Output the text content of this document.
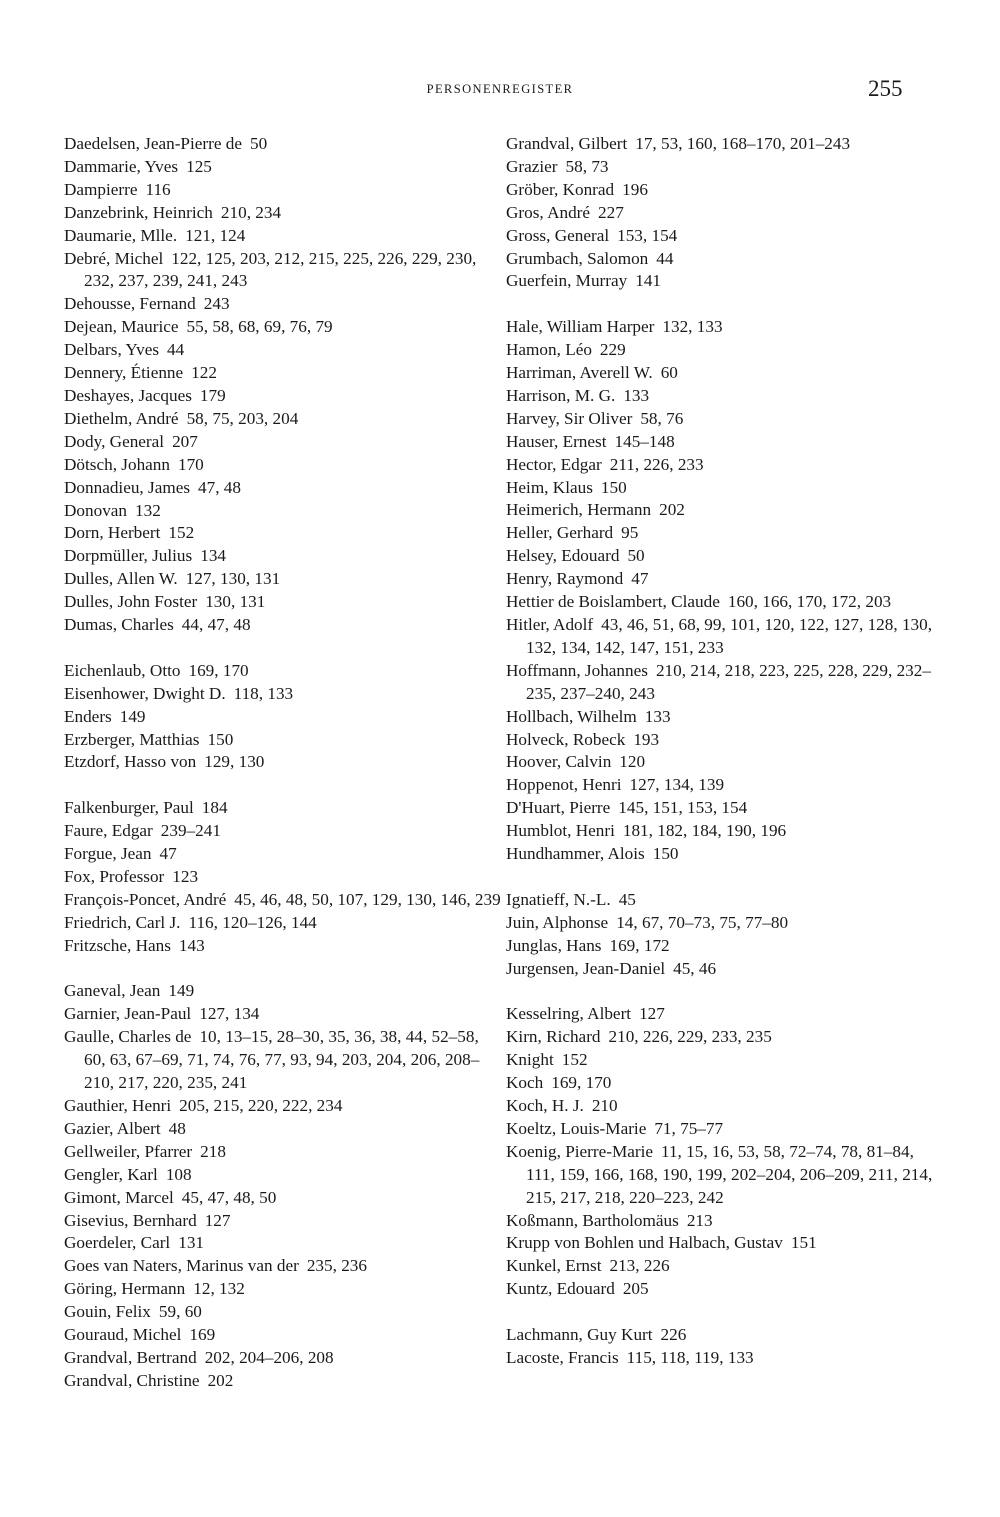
PERSONENREGISTER	255
Daedelsen, Jean-Pierre de 50
Dammarie, Yves 125
Dampierre 116
Danzebrink, Heinrich 210, 234
Daumarie, Mlle. 121, 124
Debré, Michel 122, 125, 203, 212, 215, 225, 226, 229, 230, 232, 237, 239, 241, 243
Dehousse, Fernand 243
Dejean, Maurice 55, 58, 68, 69, 76, 79
Delbars, Yves 44
Dennery, Étienne 122
Deshayes, Jacques 179
Diethelm, André 58, 75, 203, 204
Dody, General 207
Dötsch, Johann 170
Donnadieu, James 47, 48
Donovan 132
Dorn, Herbert 152
Dorpmüller, Julius 134
Dulles, Allen W. 127, 130, 131
Dulles, John Foster 130, 131
Dumas, Charles 44, 47, 48
Eichenlaub, Otto 169, 170
Eisenhower, Dwight D. 118, 133
Enders 149
Erzberger, Matthias 150
Etzdorf, Hasso von 129, 130
Falkenburger, Paul 184
Faure, Edgar 239–241
Forgue, Jean 47
Fox, Professor 123
François-Poncet, André 45, 46, 48, 50, 107, 129, 130, 146, 239
Friedrich, Carl J. 116, 120–126, 144
Fritzsche, Hans 143
Ganeval, Jean 149
Garnier, Jean-Paul 127, 134
Gaulle, Charles de 10, 13–15, 28–30, 35, 36, 38, 44, 52–58, 60, 63, 67–69, 71, 74, 76, 77, 93, 94, 203, 204, 206, 208–210, 217, 220, 235, 241
Gauthier, Henri 205, 215, 220, 222, 234
Gazier, Albert 48
Gellweiler, Pfarrer 218
Gengler, Karl 108
Gimont, Marcel 45, 47, 48, 50
Gisevius, Bernhard 127
Goerdeler, Carl 131
Goes van Naters, Marinus van der 235, 236
Göring, Hermann 12, 132
Gouin, Felix 59, 60
Gouraud, Michel 169
Grandval, Bertrand 202, 204–206, 208
Grandval, Christine 202
Grandval, Gilbert 17, 53, 160, 168–170, 201–243
Grazier 58, 73
Gröber, Konrad 196
Gros, André 227
Gross, General 153, 154
Grumbach, Salomon 44
Guerfein, Murray 141
Hale, William Harper 132, 133
Hamon, Léo 229
Harriman, Averell W. 60
Harrison, M. G. 133
Harvey, Sir Oliver 58, 76
Hauser, Ernest 145–148
Hector, Edgar 211, 226, 233
Heim, Klaus 150
Heimerich, Hermann 202
Heller, Gerhard 95
Helsey, Edouard 50
Henry, Raymond 47
Hettier de Boislambert, Claude 160, 166, 170, 172, 203
Hitler, Adolf 43, 46, 51, 68, 99, 101, 120, 122, 127, 128, 130, 132, 134, 142, 147, 151, 233
Hoffmann, Johannes 210, 214, 218, 223, 225, 228, 229, 232–235, 237–240, 243
Hollbach, Wilhelm 133
Holveck, Robeck 193
Hoover, Calvin 120
Hoppenot, Henri 127, 134, 139
D'Huart, Pierre 145, 151, 153, 154
Humblot, Henri 181, 182, 184, 190, 196
Hundhammer, Alois 150
Ignatieff, N.-L. 45
Juin, Alphonse 14, 67, 70–73, 75, 77–80
Junglas, Hans 169, 172
Jurgensen, Jean-Daniel 45, 46
Kesselring, Albert 127
Kirn, Richard 210, 226, 229, 233, 235
Knight 152
Koch 169, 170
Koch, H. J. 210
Koeltz, Louis-Marie 71, 75–77
Koenig, Pierre-Marie 11, 15, 16, 53, 58, 72–74, 78, 81–84, 111, 159, 166, 168, 190, 199, 202–204, 206–209, 211, 214, 215, 217, 218, 220–223, 242
Koßmann, Bartholomäus 213
Krupp von Bohlen und Halbach, Gustav 151
Kunkel, Ernst 213, 226
Kuntz, Edouard 205
Lachmann, Guy Kurt 226
Lacoste, Francis 115, 118, 119, 133
